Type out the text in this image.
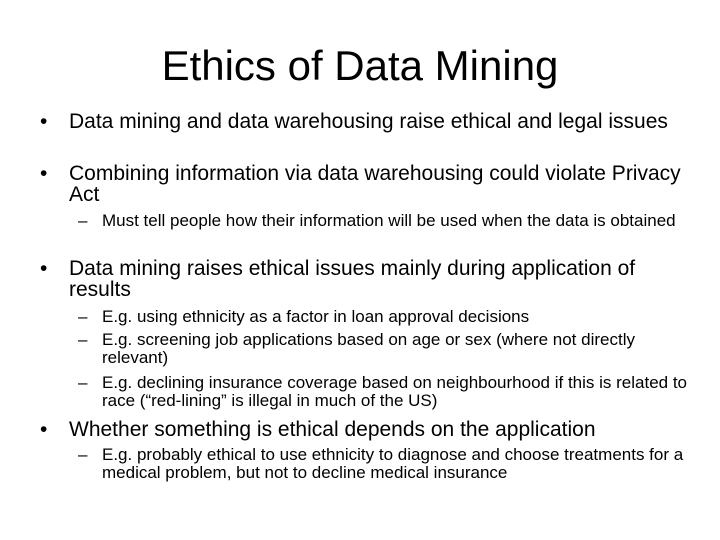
Ethics of Data Mining
• Data mining and data warehousing raise ethical and legal issues
• Combining information via data warehousing could violate Privacy Act
– Must tell people how their information will be used when the data is obtained
• Data mining raises ethical issues mainly during application of results
– E.g. using ethnicity as a factor in loan approval decisions
– E.g. screening job applications based on age or sex (where not directly relevant)
– E.g. declining insurance coverage based on neighbourhood if this is related to race (“red-lining” is illegal in much of the US)
• Whether something is ethical depends on the application
– E.g. probably ethical to use ethnicity to diagnose and choose treatments for a medical problem, but not to decline medical insurance
